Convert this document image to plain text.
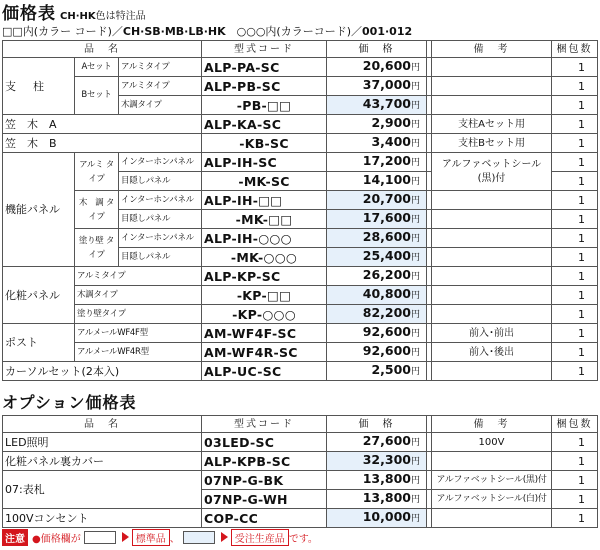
価格表 CH·HK色は特注品
□□内(カラー コード)／CH·SB·MB·LB·HK　○○○内(カラーコード)／001·012
品　名			型式コード	価　格		備　考	梱包数
支　柱	Aセット	アルミタイプ	ALP-PA-SC	20,600円			1
	Bセット	アルミタイプ	ALP-PB-SC	37,000円			1
		木調タイプ	-PB-□□	43,700円			1
笠　木　A			ALP-KA-SC	2,900円		支柱Aセット用	1
笠　木　B			-KB-SC	3,400円		支柱Bセット用	1
機能パネル	アルミ タイプ	インターホンパネル	ALP-IH-SC	17,200円		アルファベットシール (黒)付	1
		目隠しパネル	-MK-SC	14,100円			1
	木　調 タイプ	インターホンパネル	ALP-IH-□□	20,700円			1
		目隠しパネル	-MK-□□	17,600円			1
	塗り壁 タイプ	インターホンパネル	ALP-IH-○○○	28,600円			1
		目隠しパネル	-MK-○○○	25,400円			1
化粧パネル	アルミタイプ		ALP-KP-SC	26,200円			1
	木調タイプ		-KP-□□	40,800円			1
	塗り壁タイプ		-KP-○○○	82,200円			1
ポスト	アルメールWF4F型		AM-WF4F-SC	92,600円		前入･前出	1
	アルメールWF4R型		AM-WF4R-SC	92,600円		前入･後出	1
カーソルセット(2本入)			ALP-UC-SC	2,500円			1
オプション価格表
品　名	型式コード	価　格		備　考	梱包数
LED照明	03LED-SC	27,600円		100V	1
化粧パネル裏カバー	ALP-KPB-SC	32,300円			1
07:表札	07NP-G-BK	13,800円		アルファベットシール(黒)付	1
	07NP-G-WH	13,800円		アルファベットシール(白)付	1
100Vコンセント	COP-CC	10,000円			1
注意 ●価格欄が	標準品 、	受注生産品 です。
